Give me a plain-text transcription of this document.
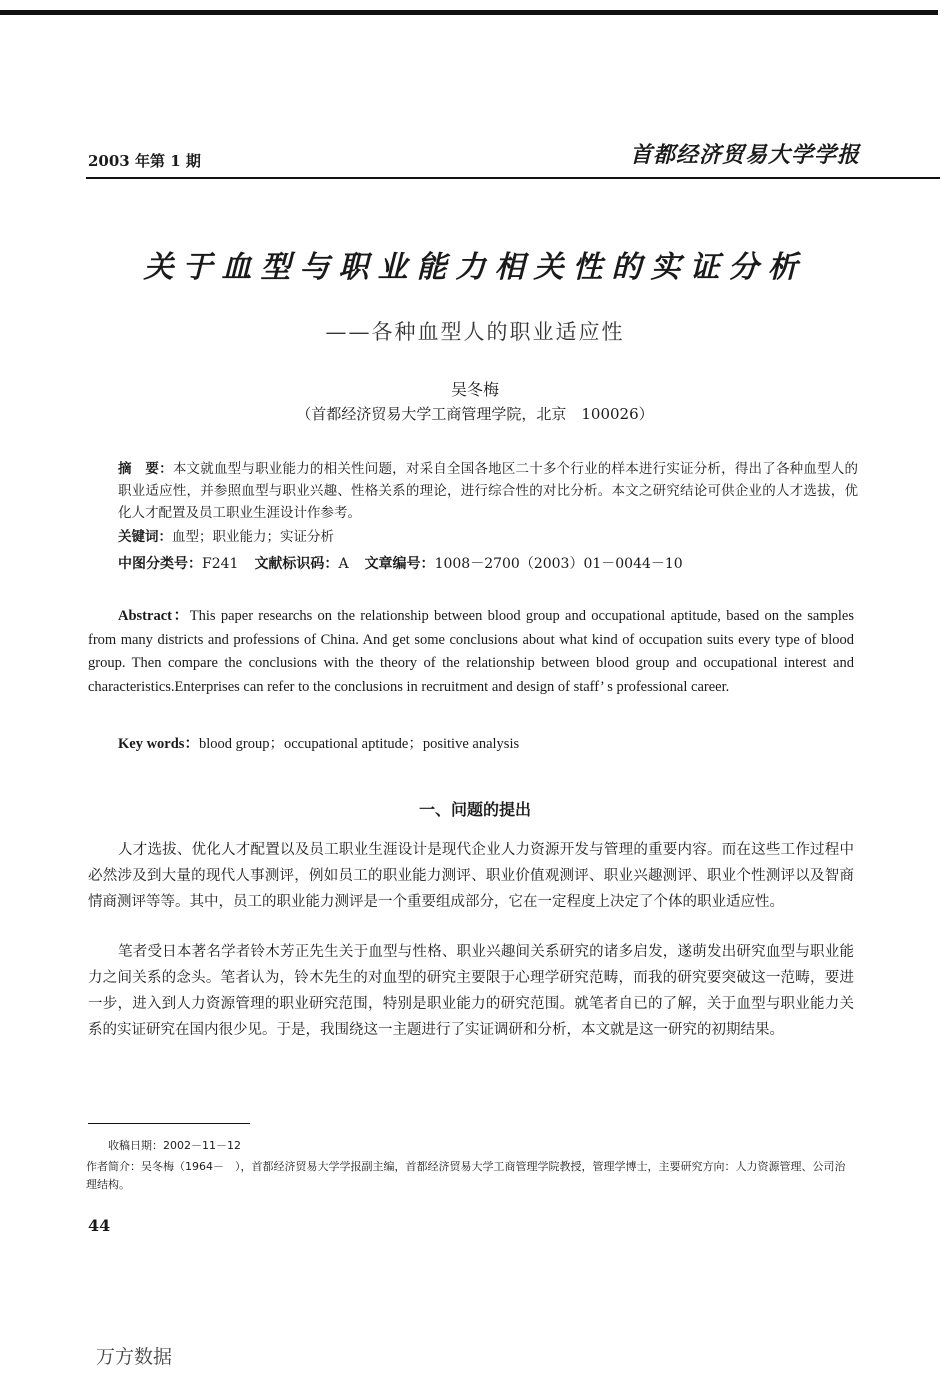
2003 年第 1 期	首都经济贸易大学学报
关于血型与职业能力相关性的实证分析
——各种血型人的职业适应性
吴冬梅
（首都经济贸易大学工商管理学院，北京　100026）
摘　要：本文就血型与职业能力的相关性问题，对采自全国各地区二十多个行业的样本进行实证分析，得出了各种血型人的职业适应性，并参照血型与职业兴趣、性格关系的理论，进行综合性的对比分析。本文之研究结论可供企业的人才选拔，优化人才配置及员工职业生涯设计作参考。
关键词：血型；职业能力；实证分析
中图分类号：F241 文献标识码：A 文章编号：1008－2700（2003）01－0044－10
Abstract：This paper researchs on the relationship between blood group and occupational aptitude, based on the samples from many districts and professions of China. And get some conclusions about what kind of occupation suits every type of blood group. Then compare the conclusions with the theory of the relationship between blood group and occupational interest and characteristics.Enterprises can refer to the conclusions in recruitment and design of staff’ s professional career.
Key words：blood group；occupational aptitude；positive analysis
一、问题的提出
人才选拔、优化人才配置以及员工职业生涯设计是现代企业人力资源开发与管理的重要内容。而在这些工作过程中必然涉及到大量的现代人事测评，例如员工的职业能力测评、职业价值观测评、职业兴趣测评、职业个性测评以及智商情商测评等等。其中，员工的职业能力测评是一个重要组成部分，它在一定程度上决定了个体的职业适应性。
笔者受日本著名学者铃木芳正先生关于血型与性格、职业兴趣间关系研究的诸多启发，遂萌发出研究血型与职业能力之间关系的念头。笔者认为，铃木先生的对血型的研究主要限于心理学研究范畴，而我的研究要突破这一范畴，要进一步，进入到人力资源管理的职业研究范围，特别是职业能力的研究范围。就笔者自已的了解，关于血型与职业能力关系的实证研究在国内很少见。于是，我围绕这一主题进行了实证调研和分析，本文就是这一研究的初期结果。
收稿日期：2002－11－12
作者简介：吴冬梅（1964－　），首都经济贸易大学学报副主编，首都经济贸易大学工商管理学院教授，管理学博士，主要研究方向：人力资源管理、公司治理结构。
44
万方数据
